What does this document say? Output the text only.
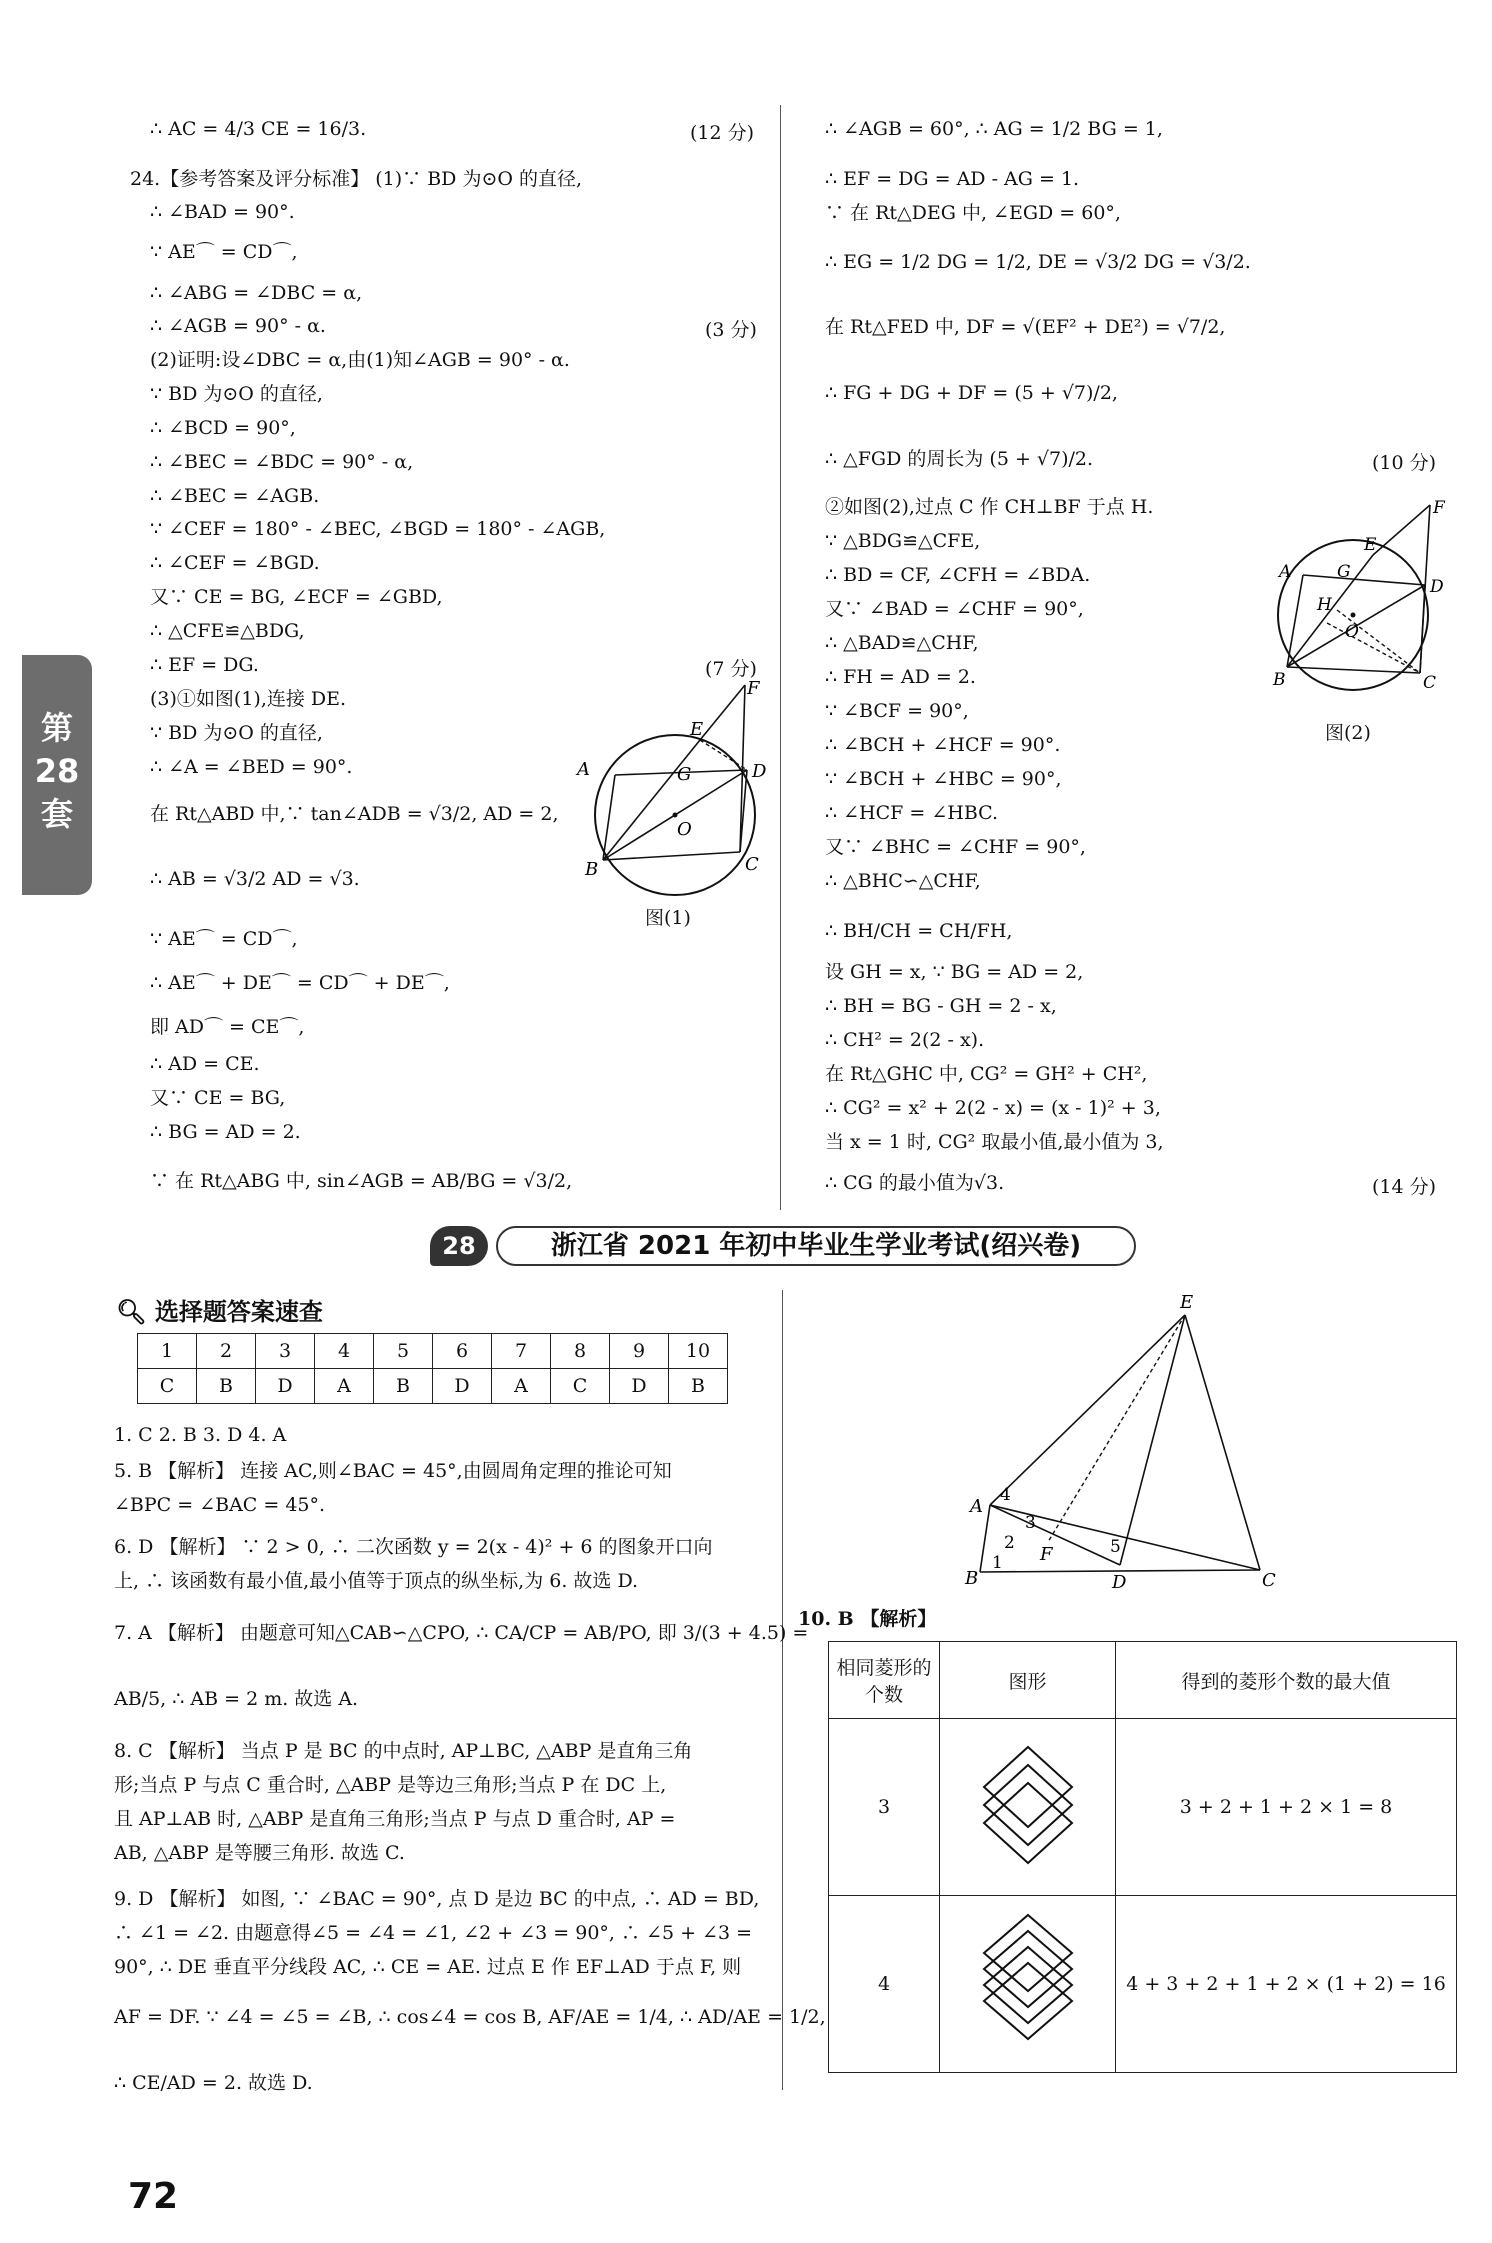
第
28
套
∴ AC = 4/3 CE = 16/3.
24.【参考答案及评分标准】 (1)∵ BD 为⊙O 的直径,
∴ ∠BAD = 90°.
∵ AE⌒ = CD⌒,
∴ ∠ABG = ∠DBC = α,
∴ ∠AGB = 90° - α.
(2)证明:设∠DBC = α,由(1)知∠AGB = 90° - α.
∵ BD 为⊙O 的直径,
∴ ∠BCD = 90°,
∴ ∠BEC = ∠BDC = 90° - α,
∴ ∠BEC = ∠AGB.
∵ ∠CEF = 180° - ∠BEC, ∠BGD = 180° - ∠AGB,
∴ ∠CEF = ∠BGD.
又∵ CE = BG, ∠ECF = ∠GBD,
∴ △CFE≌△BDG,
∴ EF = DG.
(3)①如图(1),连接 DE.
∵ BD 为⊙O 的直径,
∴ ∠A = ∠BED = 90°.
在 Rt△ABD 中,∵ tan∠ADB = √3/2, AD = 2,
∴ AB = √3/2 AD = √3.
∵ AE⌒ = CD⌒,
∴ AE⌒ + DE⌒ = CD⌒ + DE⌒,
即 AD⌒ = CE⌒,
∴ AD = CE.
又∵ CE = BG,
∴ BG = AD = 2.
∵ 在 Rt△ABG 中, sin∠AGB = AB/BG = √3/2,
(12 分)
(3 分)
(7 分)
A
E
F
G	D
O
B	C
图(1)
∴ ∠AGB = 60°, ∴ AG = 1/2 BG = 1,
∴ EF = DG = AD - AG = 1.
∵ 在 Rt△DEG 中, ∠EGD = 60°,
∴ EG = 1/2 DG = 1/2, DE = √3/2 DG = √3/2.
在 Rt△FED 中, DF = √(EF² + DE²) = √7/2,
∴ FG + DG + DF = (5 + √7)/2,
∴ △FGD 的周长为 (5 + √7)/2.
②如图(2),过点 C 作 CH⊥BF 于点 H.
∵ △BDG≌△CFE,
∴ BD = CF, ∠CFH = ∠BDA.
又∵ ∠BAD = ∠CHF = 90°,
∴ △BAD≌△CHF,
∴ FH = AD = 2.
∵ ∠BCF = 90°,
∴ ∠BCH + ∠HCF = 90°.
∵ ∠BCH + ∠HBC = 90°,
∴ ∠HCF = ∠HBC.
又∵ ∠BHC = ∠CHF = 90°,
∴ △BHC∽△CHF,
∴ BH/CH = CH/FH,
设 GH = x, ∵ BG = AD = 2,
∴ BH = BG - GH = 2 - x,
∴ CH² = 2(2 - x).
在 Rt△GHC 中, CG² = GH² + CH²,
∴ CG² = x² + 2(2 - x) = (x - 1)² + 3,
当 x = 1 时, CG² 取最小值,最小值为 3,
∴ CG 的最小值为√3.
(10 分)
(14 分)
F
E
A	G
D
H
O
B	C
图(2)
28	浙江省 2021 年初中毕业生学业考试(绍兴卷)
🔍︎ 选择题答案速查
1	2	3	4	5	6	7	8	9	10
C	B	D	A	B	D	A	C	D	B
1. C 2. B 3. D 4. A
5. B 【解析】 连接 AC,则∠BAC = 45°,由圆周角定理的推论可知
∠BPC = ∠BAC = 45°.
6. D 【解析】 ∵ 2 > 0, ∴ 二次函数 y = 2(x - 4)² + 6 的图象开口向
上, ∴ 该函数有最小值,最小值等于顶点的纵坐标,为 6. 故选 D.
7. A 【解析】 由题意可知△CAB∽△CPO, ∴ CA/CP = AB/PO, 即 3/(3 + 4.5) =
AB/5, ∴ AB = 2 m. 故选 A.
8. C 【解析】 当点 P 是 BC 的中点时, AP⊥BC, △ABP 是直角三角
形;当点 P 与点 C 重合时, △ABP 是等边三角形;当点 P 在 DC 上,
且 AP⊥AB 时, △ABP 是直角三角形;当点 P 与点 D 重合时, AP =
AB, △ABP 是等腰三角形. 故选 C.
9. D 【解析】 如图, ∵ ∠BAC = 90°, 点 D 是边 BC 的中点, ∴ AD = BD,
∴ ∠1 = ∠2. 由题意得∠5 = ∠4 = ∠1, ∠2 + ∠3 = 90°, ∴ ∠5 + ∠3 =
90°, ∴ DE 垂直平分线段 AC, ∴ CE = AE. 过点 E 作 EF⊥AD 于点 F, 则
AF = DF. ∵ ∠4 = ∠5 = ∠B, ∴ cos∠4 = cos B, AF/AE = 1/4, ∴ AD/AE = 1/2,
∴ CE/AD = 2. 故选 D.
E
A
4
3
2
1
B
F	5
D	C
10. B 【解析】
相同菱形的个数	图形	得到的菱形个数的最大值
3		3 + 2 + 1 + 2 × 1 = 8
4		4 + 3 + 2 + 1 + 2 × (1 + 2) = 16
72
